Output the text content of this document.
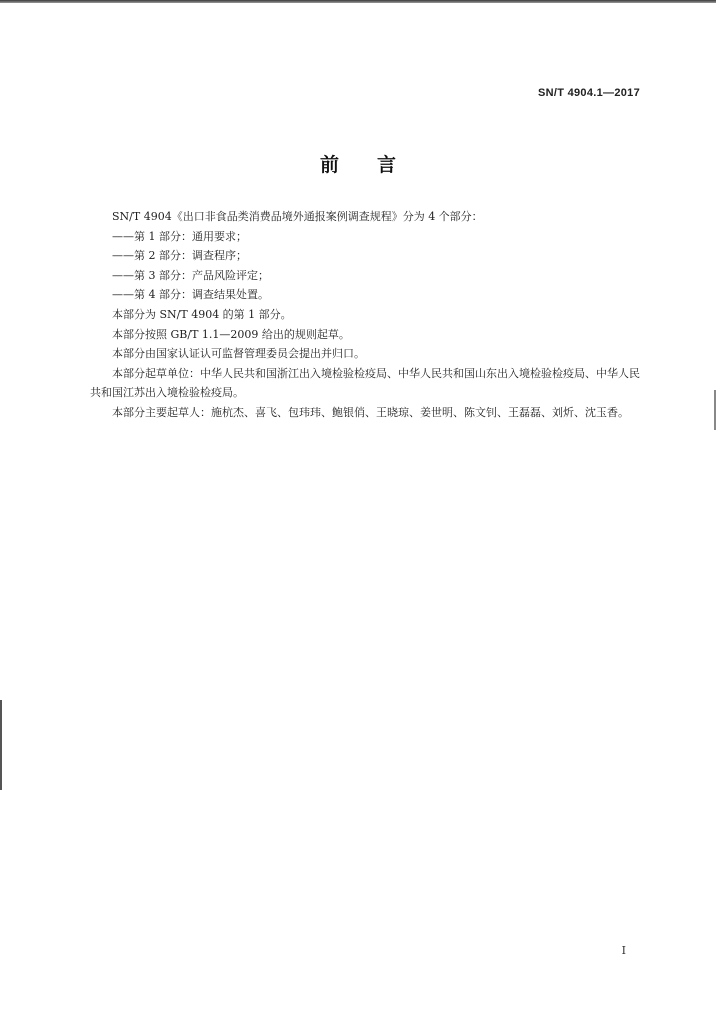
SN/T 4904.1—2017
前言

SN/T 4904《出口非食品类消费品境外通报案例调查规程》分为 4 个部分：

——第 1 部分：通用要求；

——第 2 部分：调查程序；

——第 3 部分：产品风险评定；

——第 4 部分：调查结果处置。

本部分为 SN/T 4904 的第 1 部分。

本部分按照 GB/T 1.1—2009 给出的规则起草。

本部分由国家认证认可监督管理委员会提出并归口。

本部分起草单位：中华人民共和国浙江出入境检验检疫局、中华人民共和国山东出入境检验检疫局、中华人民共和国江苏出入境检验检疫局。

本部分主要起草人：施杭杰、喜飞、包玮玮、鲍银俏、王晓琼、姜世明、陈文钊、王磊磊、刘炘、沈玉香。

I
